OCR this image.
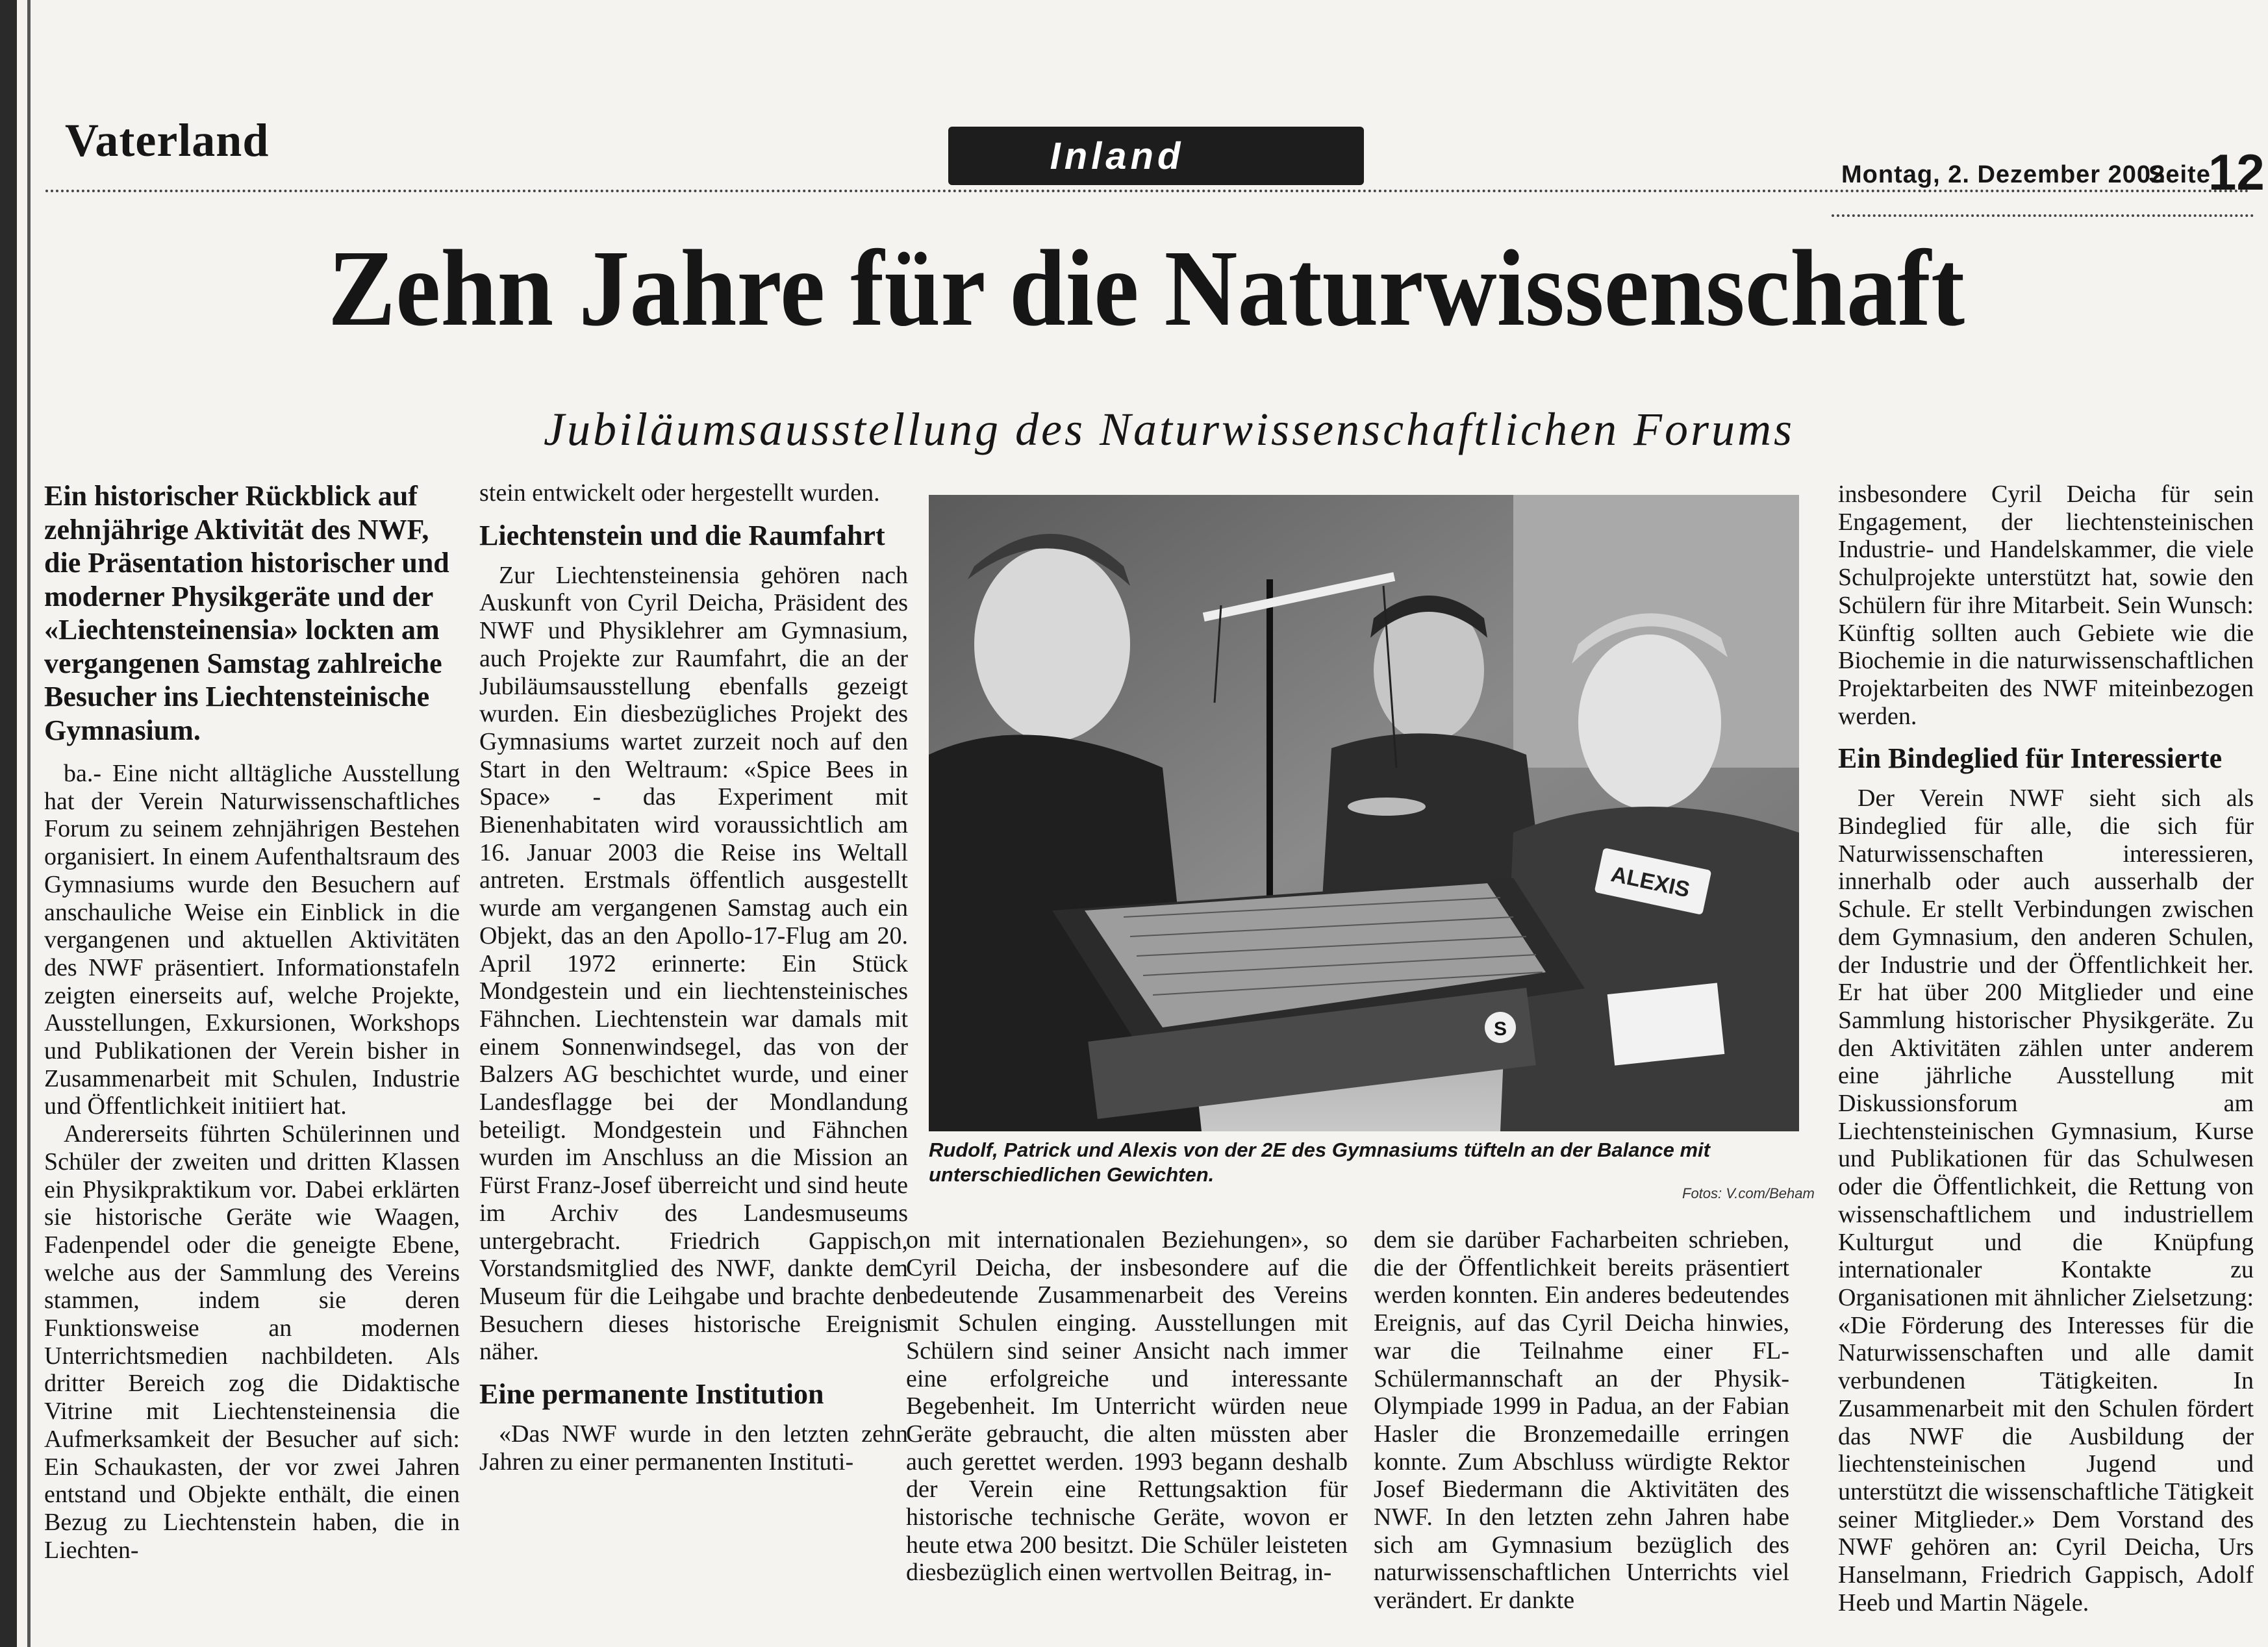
Vaterland	Inland	Montag, 2. Dezember 2002
Seite
12
Zehn Jahre für die Naturwissenschaft
Jubiläumsausstellung des Naturwissenschaftlichen Forums
Ein historischer Rückblick auf zehnjährige Aktivität des NWF, die Präsentation historischer und moderner Physikgeräte und der «Liechtensteinensia» lockten am vergangenen Samstag zahlreiche Besucher ins Liechtensteinische Gymnasium.

ba.- Eine nicht alltägliche Ausstellung hat der Verein Naturwissenschaftliches Forum zu seinem zehnjährigen Bestehen organisiert. In einem Aufenthaltsraum des Gymnasiums wurde den Besuchern auf anschauliche Weise ein Einblick in die vergangenen und aktuellen Aktivitäten des NWF präsentiert. Informationstafeln zeigten einerseits auf, welche Projekte, Ausstellungen, Exkursionen, Workshops und Publikationen der Verein bisher in Zusammenarbeit mit Schulen, Industrie und Öffentlichkeit initiiert hat.

Andererseits führten Schülerinnen und Schüler der zweiten und dritten Klassen ein Physikpraktikum vor. Dabei erklärten sie historische Geräte wie Waagen, Fadenpendel oder die geneigte Ebene, welche aus der Sammlung des Vereins stammen, indem sie deren Funktionsweise an modernen Unterrichtsmedien nachbildeten. Als dritter Bereich zog die Didaktische Vitrine mit Liechtensteinensia die Aufmerksamkeit der Besucher auf sich: Ein Schaukasten, der vor zwei Jahren entstand und Objekte enthält, die einen Bezug zu Liechtenstein haben, die in Liechten-

stein entwickelt oder hergestellt wurden.

Liechtenstein und die Raumfahrt

Zur Liechtensteinensia gehören nach Auskunft von Cyril Deicha, Präsident des NWF und Physiklehrer am Gymnasium, auch Projekte zur Raumfahrt, die an der Jubiläumsausstellung ebenfalls gezeigt wurden. Ein diesbezügliches Projekt des Gymnasiums wartet zurzeit noch auf den Start in den Weltraum: «Spice Bees in Space» - das Experiment mit Bienenhabitaten wird voraussichtlich am 16. Januar 2003 die Reise ins Weltall antreten. Erstmals öffentlich ausgestellt wurde am vergangenen Samstag auch ein Objekt, das an den Apollo-17-Flug am 20. April 1972 erinnerte: Ein Stück Mondgestein und ein liechtensteinisches Fähnchen. Liechtenstein war damals mit einem Sonnenwindsegel, das von der Balzers AG beschichtet wurde, und einer Landesflagge bei der Mondlandung beteiligt. Mondgestein und Fähnchen wurden im Anschluss an die Mission an Fürst Franz-Josef überreicht und sind heute im Archiv des Landesmuseums untergebracht. Friedrich Gappisch, Vorstandsmitglied des NWF, dankte dem Museum für die Leihgabe und brachte den Besuchern dieses historische Ereignis näher.

Eine permanente Institution

«Das NWF wurde in den letzten zehn Jahren zu einer permanenten Instituti-

ALEXIS
S
Rudolf, Patrick und Alexis von der 2E des Gymnasiums tüfteln an der Balance mit unterschiedlichen Gewichten.
Fotos: V.com/Beham

on mit internationalen Beziehungen», so Cyril Deicha, der insbesondere auf die bedeutende Zusammenarbeit des Vereins mit Schulen einging. Ausstellungen mit Schülern sind seiner Ansicht nach immer eine erfolgreiche und interessante Begebenheit. Im Unterricht würden neue Geräte gebraucht, die alten müssten aber auch gerettet werden. 1993 begann deshalb der Verein eine Rettungsaktion für historische technische Geräte, wovon er heute etwa 200 besitzt. Die Schüler leisteten diesbezüglich einen wertvollen Beitrag, in-

dem sie darüber Facharbeiten schrieben, die der Öffentlichkeit bereits präsentiert werden konnten. Ein anderes bedeutendes Ereignis, auf das Cyril Deicha hinwies, war die Teilnahme einer FL-Schülermannschaft an der Physik-Olympiade 1999 in Padua, an der Fabian Hasler die Bronzemedaille erringen konnte. Zum Abschluss würdigte Rektor Josef Biedermann die Aktivitäten des NWF. In den letzten zehn Jahren habe sich am Gymnasium bezüglich des naturwissenschaftlichen Unterrichts viel verändert. Er dankte

insbesondere Cyril Deicha für sein Engagement, der liechtensteinischen Industrie- und Handelskammer, die viele Schulprojekte unterstützt hat, sowie den Schülern für ihre Mitarbeit. Sein Wunsch: Künftig sollten auch Gebiete wie die Biochemie in die naturwissenschaftlichen Projektarbeiten des NWF miteinbezogen werden.

Ein Bindeglied für Interessierte

Der Verein NWF sieht sich als Bindeglied für alle, die sich für Naturwissenschaften interessieren, innerhalb oder auch ausserhalb der Schule. Er stellt Verbindungen zwischen dem Gymnasium, den anderen Schulen, der Industrie und der Öffentlichkeit her. Er hat über 200 Mitglieder und eine Sammlung historischer Physikgeräte. Zu den Aktivitäten zählen unter anderem eine jährliche Ausstellung mit Diskussionsforum am Liechtensteinischen Gymnasium, Kurse und Publikationen für das Schulwesen oder die Öffentlichkeit, die Rettung von wissenschaftlichem und industriellem Kulturgut und die Knüpfung internationaler Kontakte zu Organisationen mit ähnlicher Zielsetzung: «Die Förderung des Interesses für die Naturwissenschaften und alle damit verbundenen Tätigkeiten. In Zusammenarbeit mit den Schulen fördert das NWF die Ausbildung der liechtensteinischen Jugend und unterstützt die wissenschaftliche Tätigkeit seiner Mitglieder.» Dem Vorstand des NWF gehören an: Cyril Deicha, Urs Hanselmann, Friedrich Gappisch, Adolf Heeb und Martin Nägele.
